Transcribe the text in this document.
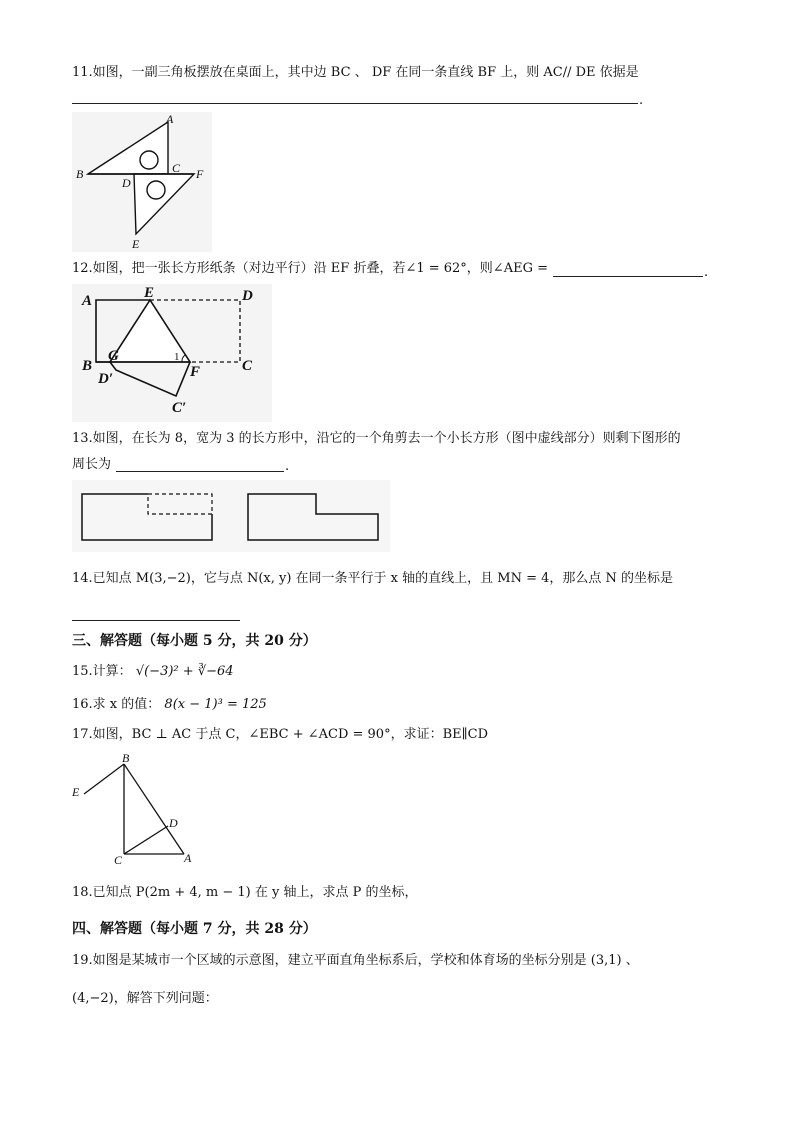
11.如图，一副三角板摆放在桌面上，其中边 BC 、 DF 在同一条直线 BF 上，则 AC// DE 依据是
.
A
B	C
D
F
E
12.如图，把一张长方形纸条（对边平行）沿 EF 折叠，若∠1 = 62°，则∠AEG =	.
A	E	D
B
G	1
F	C
D′
C′
13.如图，在长为 8，宽为 3 的长方形中，沿它的一个角剪去一个小长方形（图中虚线部分）则剩下图形的
周长为	.
14.已知点 M(3,−2)，它与点 N(x, y) 在同一条平行于 x 轴的直线上，且 MN = 4，那么点 N 的坐标是
三、解答题（每小题 5 分，共 20 分）
15.计算： √(−3)² + ∛−64
16.求 x 的值： 8(x − 1)³ = 125
17.如图，BC ⊥ AC 于点 C，∠EBC + ∠ACD = 90°，求证：BE∥CD
B
E
D
C	A
18.已知点 P(2m + 4, m − 1) 在 y 轴上，求点 P 的坐标，
四、解答题（每小题 7 分，共 28 分）
19.如图是某城市一个区域的示意图，建立平面直角坐标系后，学校和体育场的坐标分别是 (3,1) 、
(4,−2)，解答下列问题：
